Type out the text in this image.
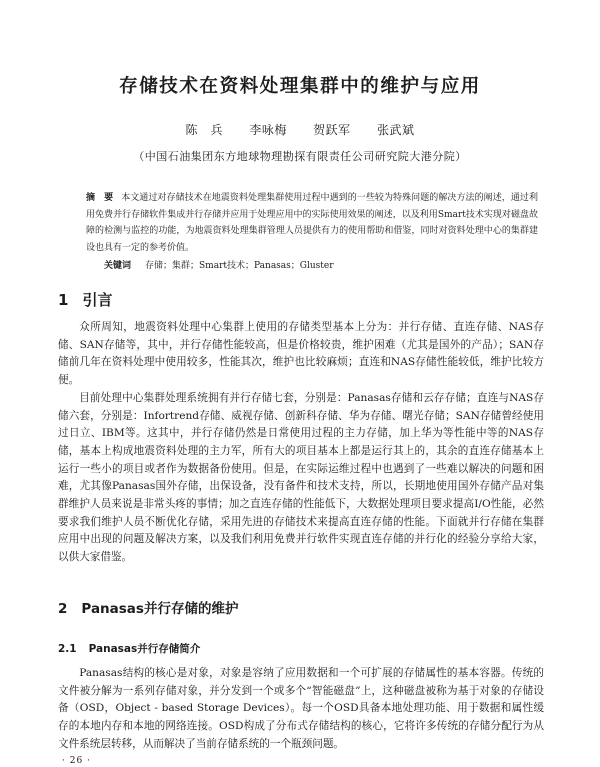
存储技术在资料处理集群中的维护与应用
陈　兵 李咏梅 贺跃军 张武斌
（中国石油集团东方地球物理勘探有限责任公司研究院大港分院）
摘　要 本文通过对存储技术在地震资料处理集群使用过程中遇到的一些较为特殊问题的解决方法的阐述，通过利用免费并行存储软件集成并行存储并应用于处理应用中的实际使用效果的阐述，以及利用Smart技术实现对磁盘故障的检测与监控的功能，为地震资料处理集群管理人员提供有力的使用帮助和借鉴，同时对资料处理中心的集群建设也具有一定的参考价值。
关键词 存储；集群；Smart技术；Panasas；Gluster
1 引言

众所周知，地震资料处理中心集群上使用的存储类型基本上分为：并行存储、直连存储、NAS存储、SAN存储等，其中，并行存储性能较高，但是价格较贵，维护困难（尤其是国外的产品）；SAN存储前几年在资料处理中使用较多，性能其次，维护也比较麻烦；直连和NAS存储性能较低，维护比较方便。

目前处理中心集群处理系统拥有并行存储七套，分别是：Panasas存储和云存存储；直连与NAS存储六套，分别是：Infortrend存储、威视存储、创新科存储、华为存储、曙光存储；SAN存储曾经使用过日立、IBM等。这其中，并行存储仍然是日常使用过程的主力存储，加上华为等性能中等的NAS存储，基本上构成地震资料处理的主力军，所有大的项目基本上都是运行其上的，其余的直连存储基本上运行一些小的项目或者作为数据备份使用。但是，在实际运维过程中也遇到了一些难以解决的问题和困难，尤其像Panasas国外存储，出保设备，没有备件和技术支持，所以，长期地使用国外存储产品对集群维护人员来说是非常头疼的事情；加之直连存储的性能低下，大数据处理项目要求提高I/O性能，必然要求我们维护人员不断优化存储，采用先进的存储技术来提高直连存储的性能。下面就并行存储在集群应用中出现的问题及解决方案，以及我们利用免费并行软件实现直连存储的并行化的经验分享给大家，以供大家借鉴。

2 Panasas并行存储的维护
2.1 Panasas并行存储简介

Panasas结构的核心是对象，对象是容纳了应用数据和一个可扩展的存储属性的基本容器。传统的文件被分解为一系列存储对象，并分发到一个或多个“智能磁盘”上，这种磁盘被称为基于对象的存储设备（OSD，Object - based Storage Devices）。每一个OSD具备本地处理功能、用于数据和属性缓存的本地内存和本地的网络连接。OSD构成了分布式存储结构的核心，它将许多传统的存储分配行为从文件系统层转移，从而解决了当前存储系统的一个瓶颈问题。

· 26 ·
